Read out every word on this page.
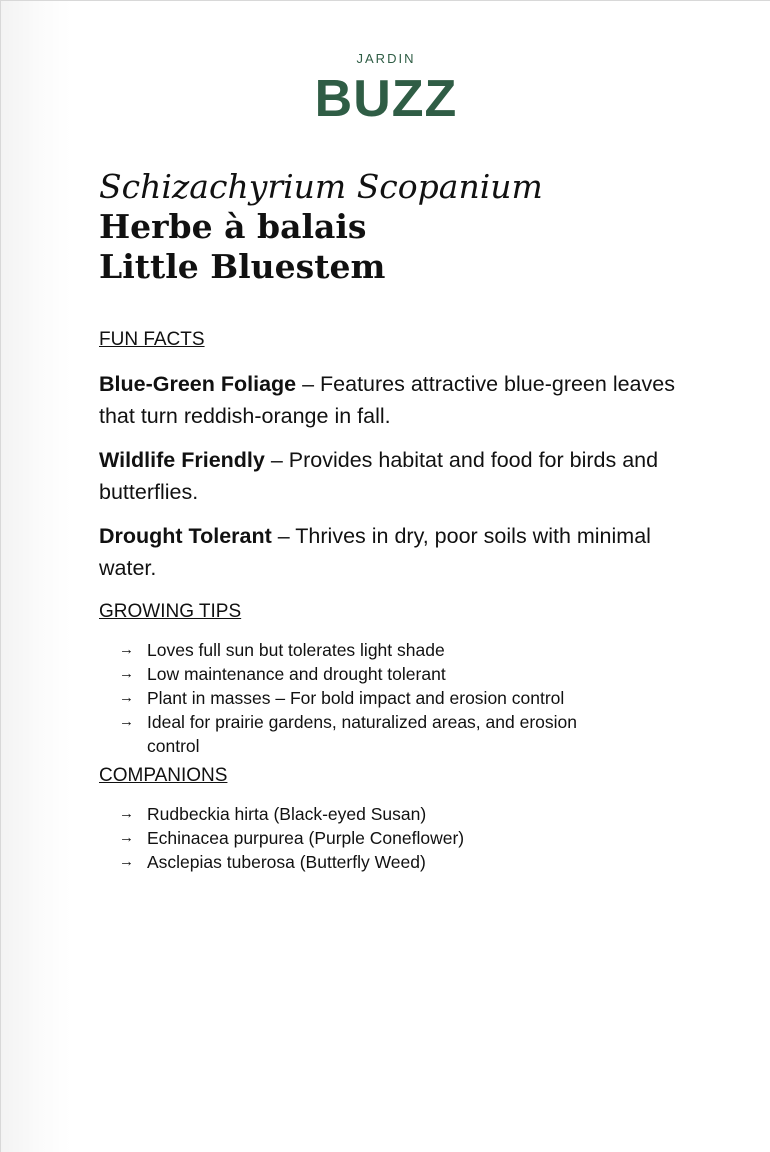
JARDIN
BUZZ
Schizachyrium Scopanium
Herbe à balais
Little Bluestem
FUN FACTS
Blue-Green Foliage – Features attractive blue-green leaves that turn reddish-orange in fall.
Wildlife Friendly – Provides habitat and food for birds and butterflies.
Drought Tolerant – Thrives in dry, poor soils with minimal water.
GROWING TIPS
→ Loves full sun but tolerates light shade
→ Low maintenance and drought tolerant
→ Plant in masses – For bold impact and erosion control
→ Ideal for prairie gardens, naturalized areas, and erosion control
COMPANIONS
→ Rudbeckia hirta (Black-eyed Susan)
→ Echinacea purpurea (Purple Coneflower)
→ Asclepias tuberosa (Butterfly Weed)
